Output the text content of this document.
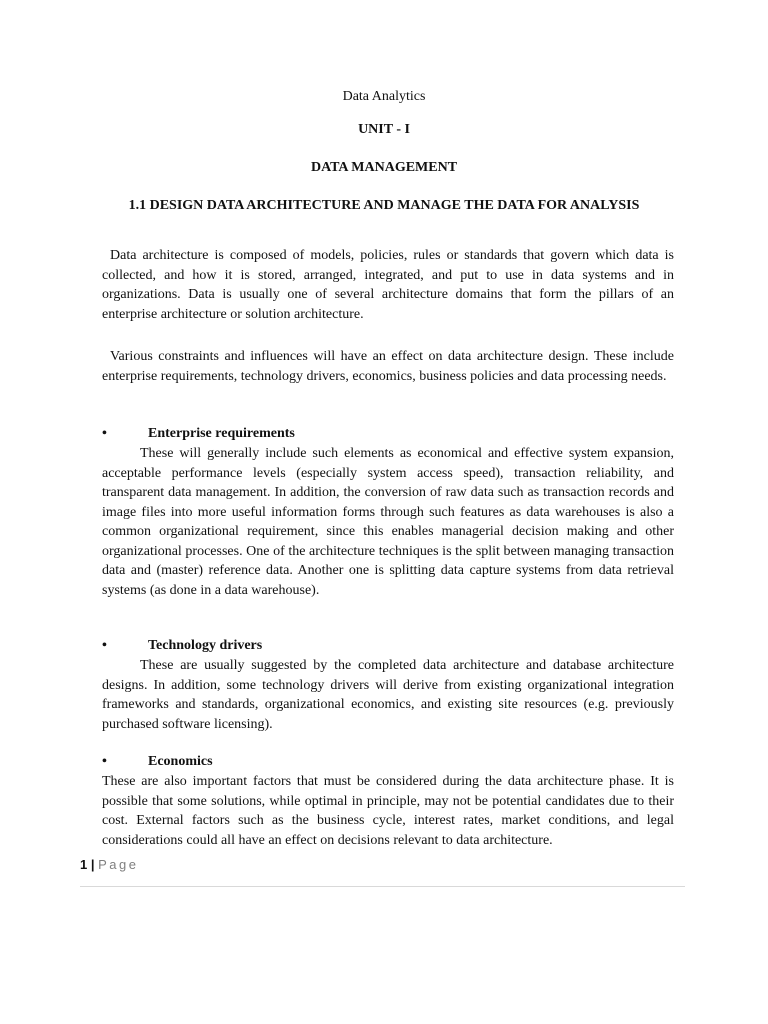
Data Analytics
UNIT - I
DATA MANAGEMENT
1.1 DESIGN DATA ARCHITECTURE AND MANAGE THE DATA FOR ANALYSIS

Data architecture is composed of models, policies, rules or standards that govern which data is collected, and how it is stored, arranged, integrated, and put to use in data systems and in organizations. Data is usually one of several architecture domains that form the pillars of an enterprise architecture or solution architecture.

Various constraints and influences will have an effect on data architecture design. These include enterprise requirements, technology drivers, economics, business policies and data processing needs.

•	Enterprise requirements

These will generally include such elements as economical and effective system expansion, acceptable performance levels (especially system access speed), transaction reliability, and transparent data management. In addition, the conversion of raw data such as transaction records and image files into more useful information forms through such features as data warehouses is also a common organizational requirement, since this enables managerial decision making and other organizational processes. One of the architecture techniques is the split between managing transaction data and (master) reference data. Another one is splitting data capture systems from data retrieval systems (as done in a data warehouse).

•	Technology drivers

These are usually suggested by the completed data architecture and database architecture designs. In addition, some technology drivers will derive from existing organizational integration frameworks and standards, organizational economics, and existing site resources (e.g. previously purchased software licensing).

•	Economics

These are also important factors that must be considered during the data architecture phase. It is possible that some solutions, while optimal in principle, may not be potential candidates due to their cost. External factors such as the business cycle, interest rates, market conditions, and legal considerations could all have an effect on decisions relevant to data architecture.

1 | Page
